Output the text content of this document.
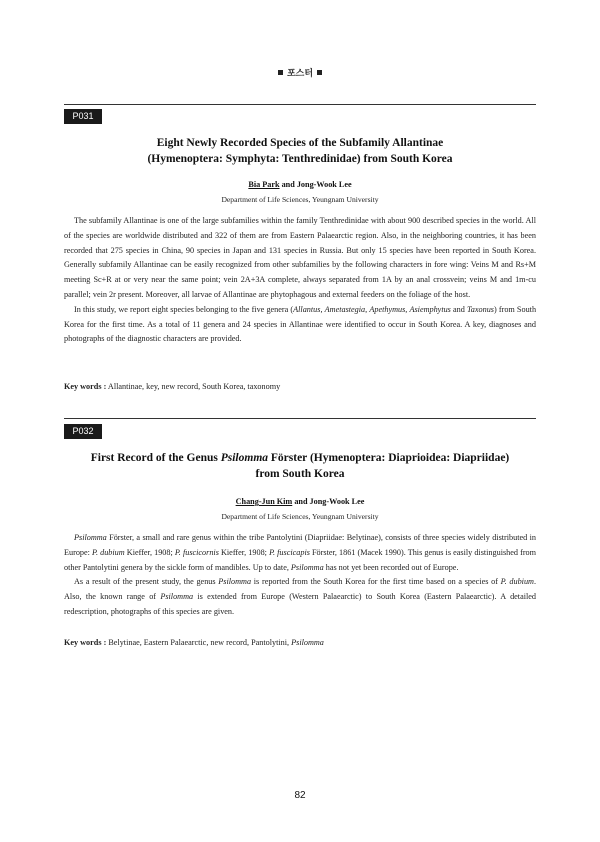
포스터
P031
Eight Newly Recorded Species of the Subfamily Allantinae
(Hymenoptera: Symphyta: Tenthredinidae) from South Korea
Bia Park and Jong-Wook Lee
Department of Life Sciences, Yeungnam University

The subfamily Allantinae is one of the large subfamilies within the family Tenthredinidae with about 900 described species in the world. All of the species are worldwide distributed and 322 of them are from Eastern Palaearctic region. Also, in the neighboring countries, it has been recorded that 275 species in China, 90 species in Japan and 131 species in Russia. But only 15 species have been reported in South Korea. Generally subfamily Allantinae can be easily recognized from other subfamilies by the following characters in fore wing: Veins M and Rs+M meeting Sc+R at or very near the same point; vein 2A+3A complete, always separated from 1A by an anal crossvein; veins M and 1m-cu parallel; vein 2r present. Moreover, all larvae of Allantinae are phytophagous and external feeders on the foliage of the host.

In this study, we report eight species belonging to the five genera (Allantus, Ametastegia, Apethymus, Asiemphytus and Taxonus) from South Korea for the first time. As a total of 11 genera and 24 species in Allantinae were identified to occur in South Korea. A key, diagnoses and photographs of the diagnostic characters are provided.

Key words : Allantinae, key, new record, South Korea, taxonomy
P032
First Record of the Genus Psilomma Förster (Hymenoptera: Diaprioidea: Diapriidae)
from South Korea
Chang-Jun Kim and Jong-Wook Lee
Department of Life Sciences, Yeungnam University

Psilomma Förster, a small and rare genus within the tribe Pantolytini (Diapriidae: Belytinae), consists of three species widely distributed in Europe: P. dubium Kieffer, 1908; P. fuscicornis Kieffer, 1908; P. fuscicapis Förster, 1861 (Macek 1990). This genus is easily distinguished from other Pantolytini genera by the sickle form of mandibles. Up to date, Psilomma has not yet been recorded out of Europe.

As a result of the present study, the genus Psilomma is reported from the South Korea for the first time based on a species of P. dubium. Also, the known range of Psilomma is extended from Europe (Western Palaearctic) to South Korea (Eastern Palaearctic). A detailed redescription, photographs of this species are given.

Key words : Belytinae, Eastern Palaearctic, new record, Pantolytini, Psilomma
82
